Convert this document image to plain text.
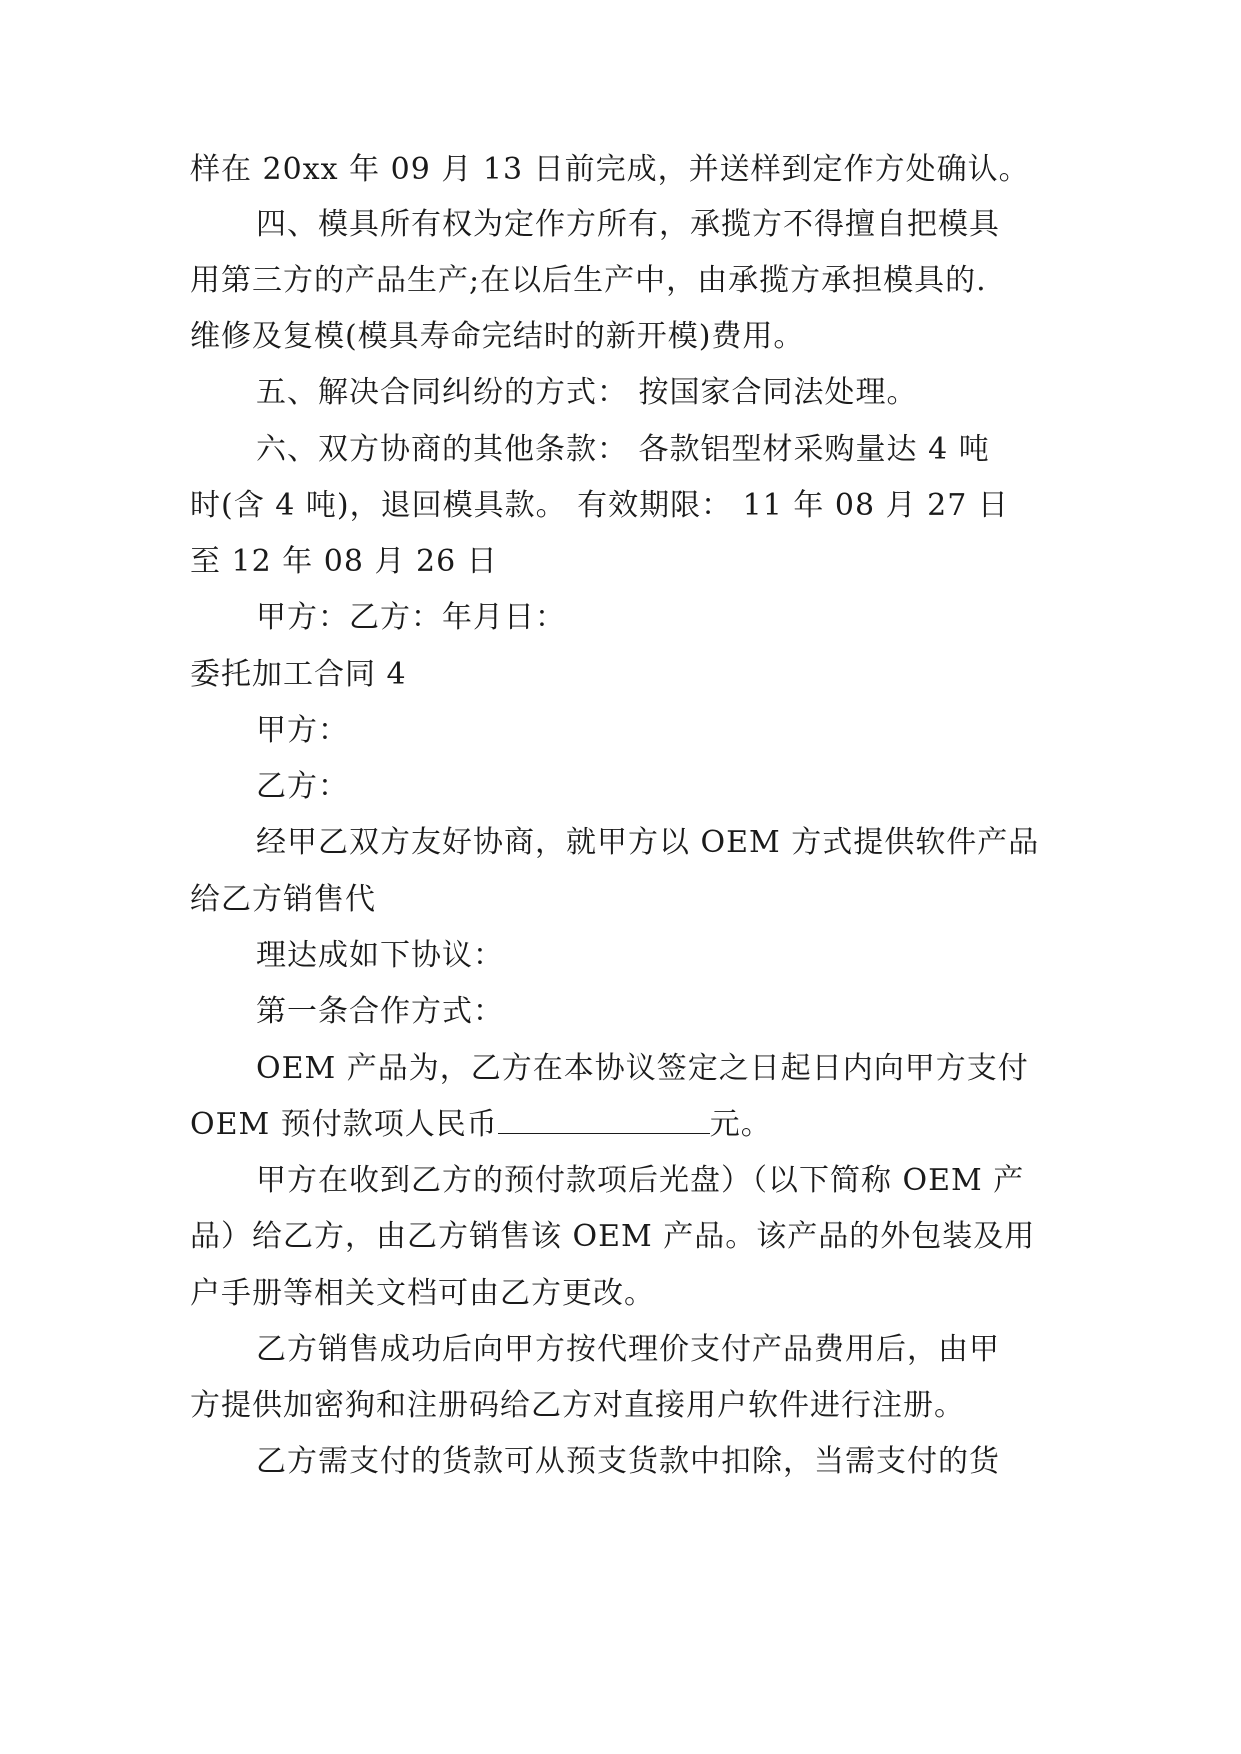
样在 20xx 年 09 月 13 日前完成，并送样到定作方处确认。
四、模具所有权为定作方所有，承揽方不得擅自把模具
用第三方的产品生产;在以后生产中，由承揽方承担模具的.
维修及复模(模具寿命完结时的新开模)费用。
五、解决合同纠纷的方式： 按国家合同法处理。
六、双方协商的其他条款： 各款铝型材采购量达 4 吨
时(含 4 吨)，退回模具款。 有效期限： 11 年 08 月 27 日
至 12 年 08 月 26 日
甲方：乙方：年月日：
委托加工合同 4
甲方：
乙方：
经甲乙双方友好协商，就甲方以 OEM 方式提供软件产品
给乙方销售代
理达成如下协议：
第一条合作方式：
OEM 产品为，乙方在本协议签定之日起日内向甲方支付
OEM 预付款项人民币	元。
甲方在收到乙方的预付款项后光盘）（以下简称 OEM 产
品）给乙方，由乙方销售该 OEM 产品。该产品的外包装及用
户手册等相关文档可由乙方更改。
乙方销售成功后向甲方按代理价支付产品费用后，由甲
方提供加密狗和注册码给乙方对直接用户软件进行注册。
乙方需支付的货款可从预支货款中扣除，当需支付的货
